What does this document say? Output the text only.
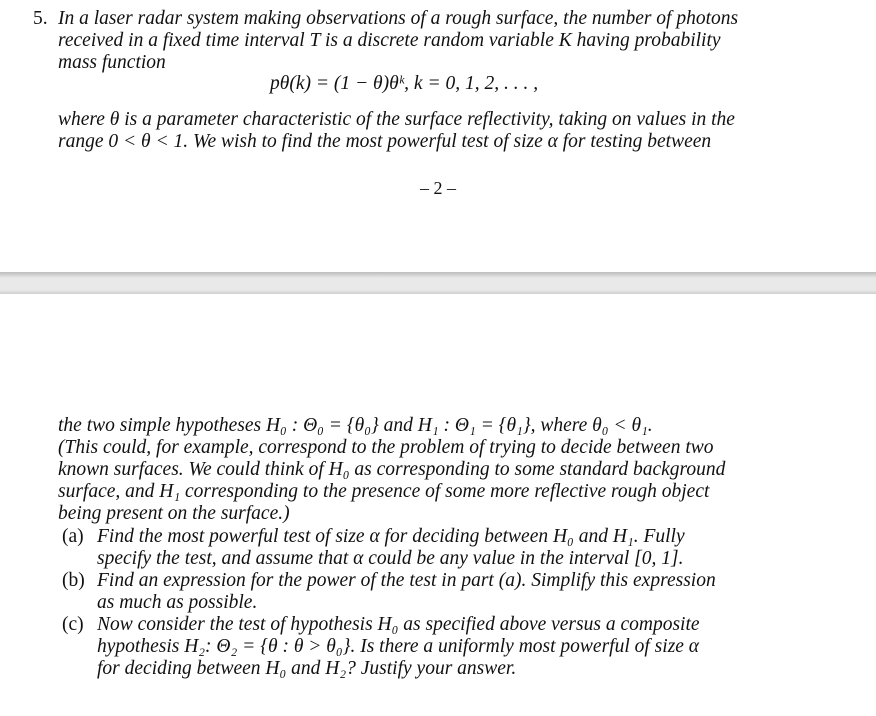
5. In a laser radar system making observations of a rough surface, the number of photons
received in a fixed time interval T is a discrete random variable K having probability
mass function
pθ(k) = (1 − θ)θᵏ, k = 0, 1, 2, . . . ,
where θ is a parameter characteristic of the surface reflectivity, taking on values in the
range 0 < θ < 1. We wish to find the most powerful test of size α for testing between
– 2 –
the two simple hypotheses H₀ : Θ₀ = {θ₀} and H₁ : Θ₁ = {θ₁}, where θ₀ < θ₁.
(This could, for example, correspond to the problem of trying to decide between two
known surfaces. We could think of H₀ as corresponding to some standard background
surface, and H₁ corresponding to the presence of some more reflective rough object
being present on the surface.)
(a) Find the most powerful test of size α for deciding between H₀ and H₁. Fully
specify the test, and assume that α could be any value in the interval [0, 1].
(b) Find an expression for the power of the test in part (a). Simplify this expression
as much as possible.
(c) Now consider the test of hypothesis H₀ as specified above versus a composite
hypothesis H₂: Θ₂ = {θ : θ > θ₀}. Is there a uniformly most powerful of size α
for deciding between H₀ and H₂? Justify your answer.
